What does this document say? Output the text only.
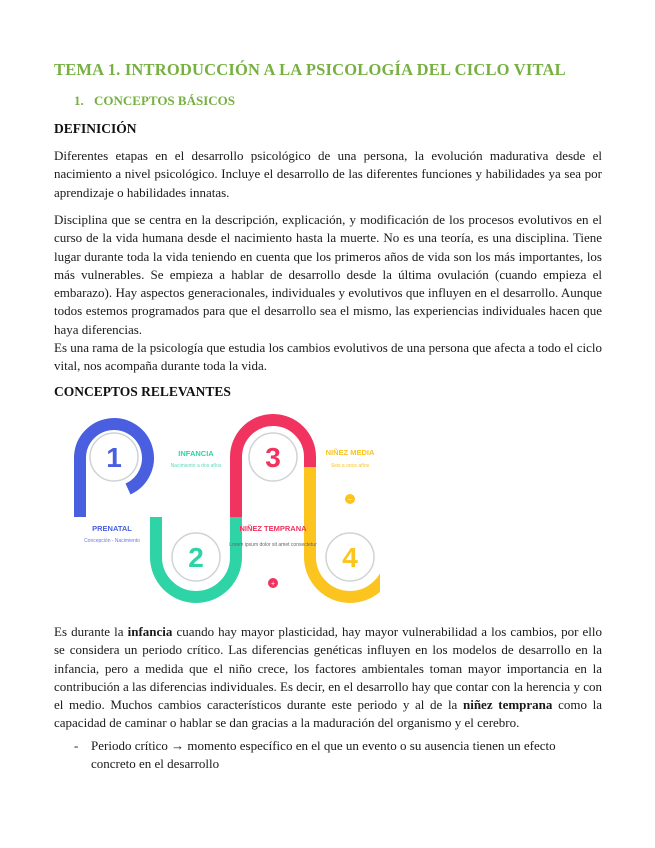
TEMA 1. INTRODUCCIÓN A LA PSICOLOGÍA DEL CICLO VITAL
1. CONCEPTOS BÁSICOS
DEFINICIÓN
Diferentes etapas en el desarrollo psicológico de una persona, la evolución madurativa desde el nacimiento a nivel psicológico. Incluye el desarrollo de las diferentes funciones y habilidades ya sea por aprendizaje o habilidades innatas.
Disciplina que se centra en la descripción, explicación, y modificación de los procesos evolutivos en el curso de la vida humana desde el nacimiento hasta la muerte. No es una teoría, es una disciplina. Tiene lugar durante toda la vida teniendo en cuenta que los primeros años de vida son los más importantes, los más vulnerables. Se empieza a hablar de desarrollo desde la última ovulación (cuando empieza el embarazo). Hay aspectos generacionales, individuales y evolutivos que influyen en el desarrollo. Aunque todos estemos programados para que el desarrollo sea el mismo, las experiencias individuales hacen que haya diferencias.
Es una rama de la psicología que estudia los cambios evolutivos de una persona que afecta a todo el ciclo vital, nos acompaña durante toda la vida.
CONCEPTOS RELEVANTES
1
2
3
4
PRENATAL
Concepción - Nacimiento
INFANCIA
Nacimiento a dos años
NIÑEZ TEMPRANA
Lorem ipsum dolor sit amet consectetur
+
NIÑEZ MEDIA
Seis a once años
−
Es durante la infancia cuando hay mayor plasticidad, hay mayor vulnerabilidad a los cambios, por ello se considera un periodo crítico. Las diferencias genéticas influyen en los modelos de desarrollo en la infancia, pero a medida que el niño crece, los factores ambientales toman mayor importancia en la contribución a las diferencias individuales. Es decir, en el desarrollo hay que contar con la herencia y con el medio. Muchos cambios característicos durante este periodo y al de la niñez temprana como la capacidad de caminar o hablar se dan gracias a la maduración del organismo y el cerebro.
- Periodo crítico → momento específico en el que un evento o su ausencia tienen un efecto concreto en el desarrollo
